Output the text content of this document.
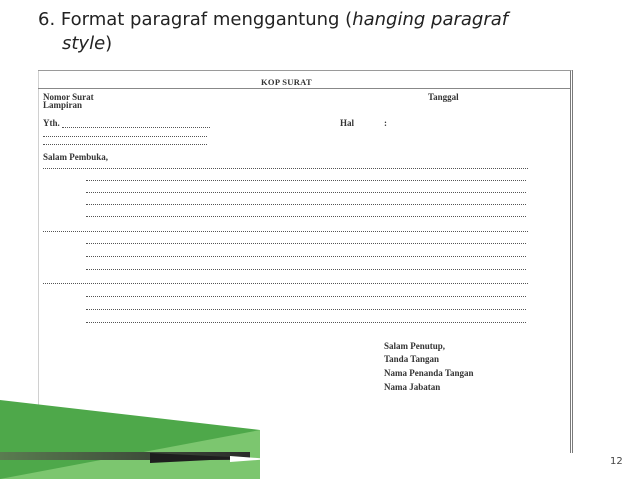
6. Format paragraf menggantung (hanging paragraf
style)
KOP SURAT
Nomor Surat
Lampiran
Tanggal
Yth.	Hal	:
Salam Pembuka,
Salam Penutup,
Tanda Tangan
Nama Penanda Tangan
Nama Jabatan
Tembusan
Inisial
12
